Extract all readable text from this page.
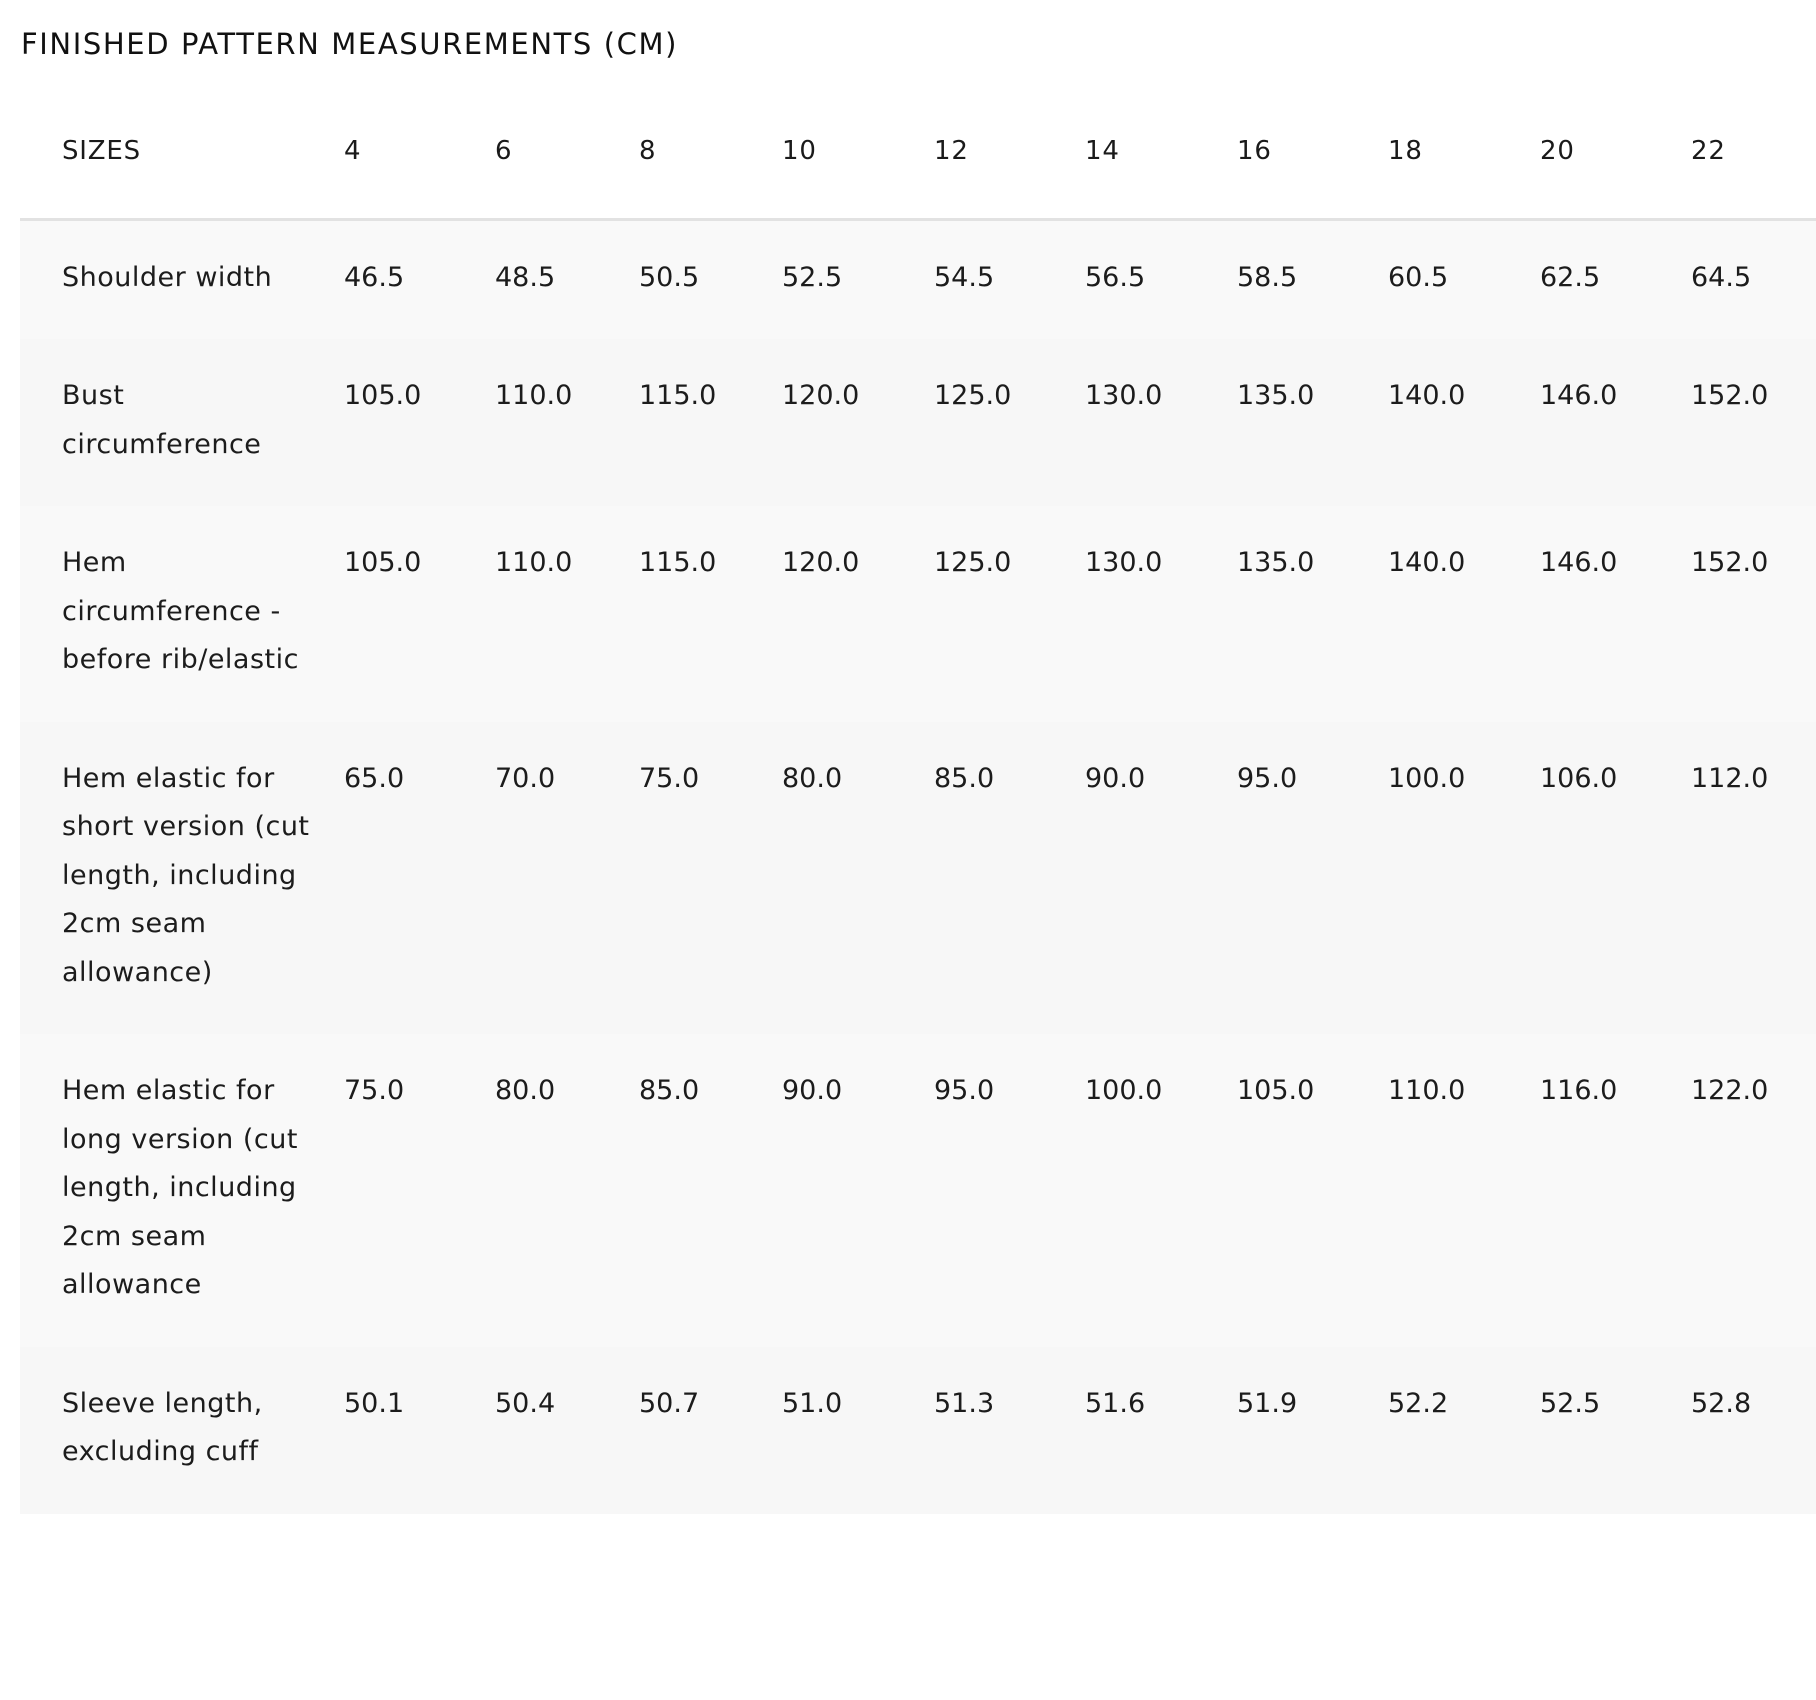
FINISHED PATTERN MEASUREMENTS (CM)
SIZES	4	6	8	10	12	14	16	18	20	22
Shoulder width	46.5	48.5	50.5	52.5	54.5	56.5	58.5	60.5	62.5	64.5
Bust circumference	105.0	110.0	115.0	120.0	125.0	130.0	135.0	140.0	146.0	152.0
Hem circumference - before rib/elastic	105.0	110.0	115.0	120.0	125.0	130.0	135.0	140.0	146.0	152.0
Hem elastic for short version (cut length, including 2cm seam allowance)	65.0	70.0	75.0	80.0	85.0	90.0	95.0	100.0	106.0	112.0
Hem elastic for long version (cut length, including 2cm seam allowance	75.0	80.0	85.0	90.0	95.0	100.0	105.0	110.0	116.0	122.0
Sleeve length, excluding cuff	50.1	50.4	50.7	51.0	51.3	51.6	51.9	52.2	52.5	52.8
